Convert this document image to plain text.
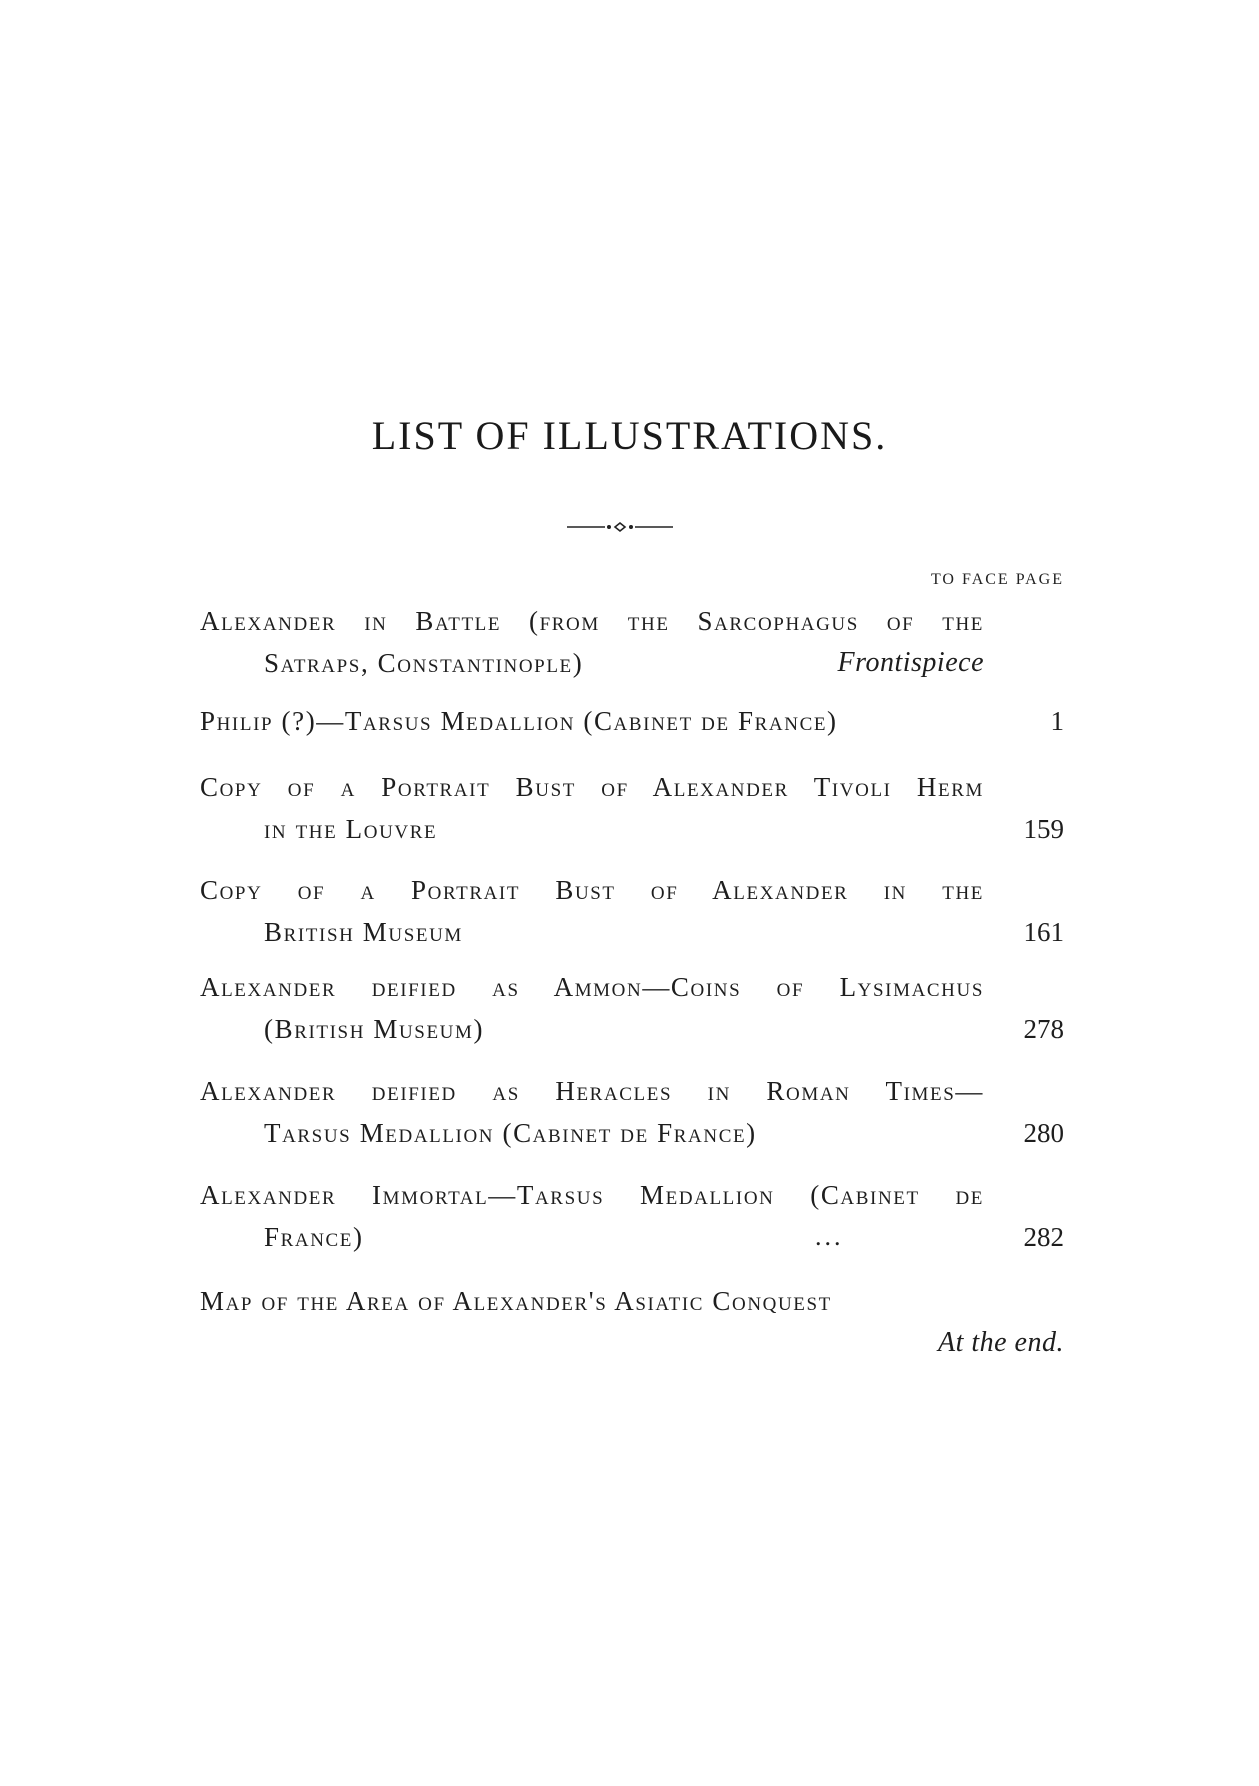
LIST OF ILLUSTRATIONS.
TO FACE PAGE
Alexander in Battle (from the Sarcophagus of the
Satraps, Constantinople)	Frontispiece
Philip (?)—Tarsus Medallion (Cabinet de France)	1
Copy of a Portrait Bust of Alexander Tivoli Herm
in the Louvre	159
Copy of a Portrait Bust of Alexander in the
British Museum	161
Alexander deified as Ammon—Coins of Lysimachus
(British Museum)	278
Alexander deified as Heracles in Roman Times—
Tarsus Medallion (Cabinet de France)	280
Alexander Immortal—Tarsus Medallion (Cabinet de
France)	...	282
Map of the Area of Alexander's Asiatic Conquest
At the end.
